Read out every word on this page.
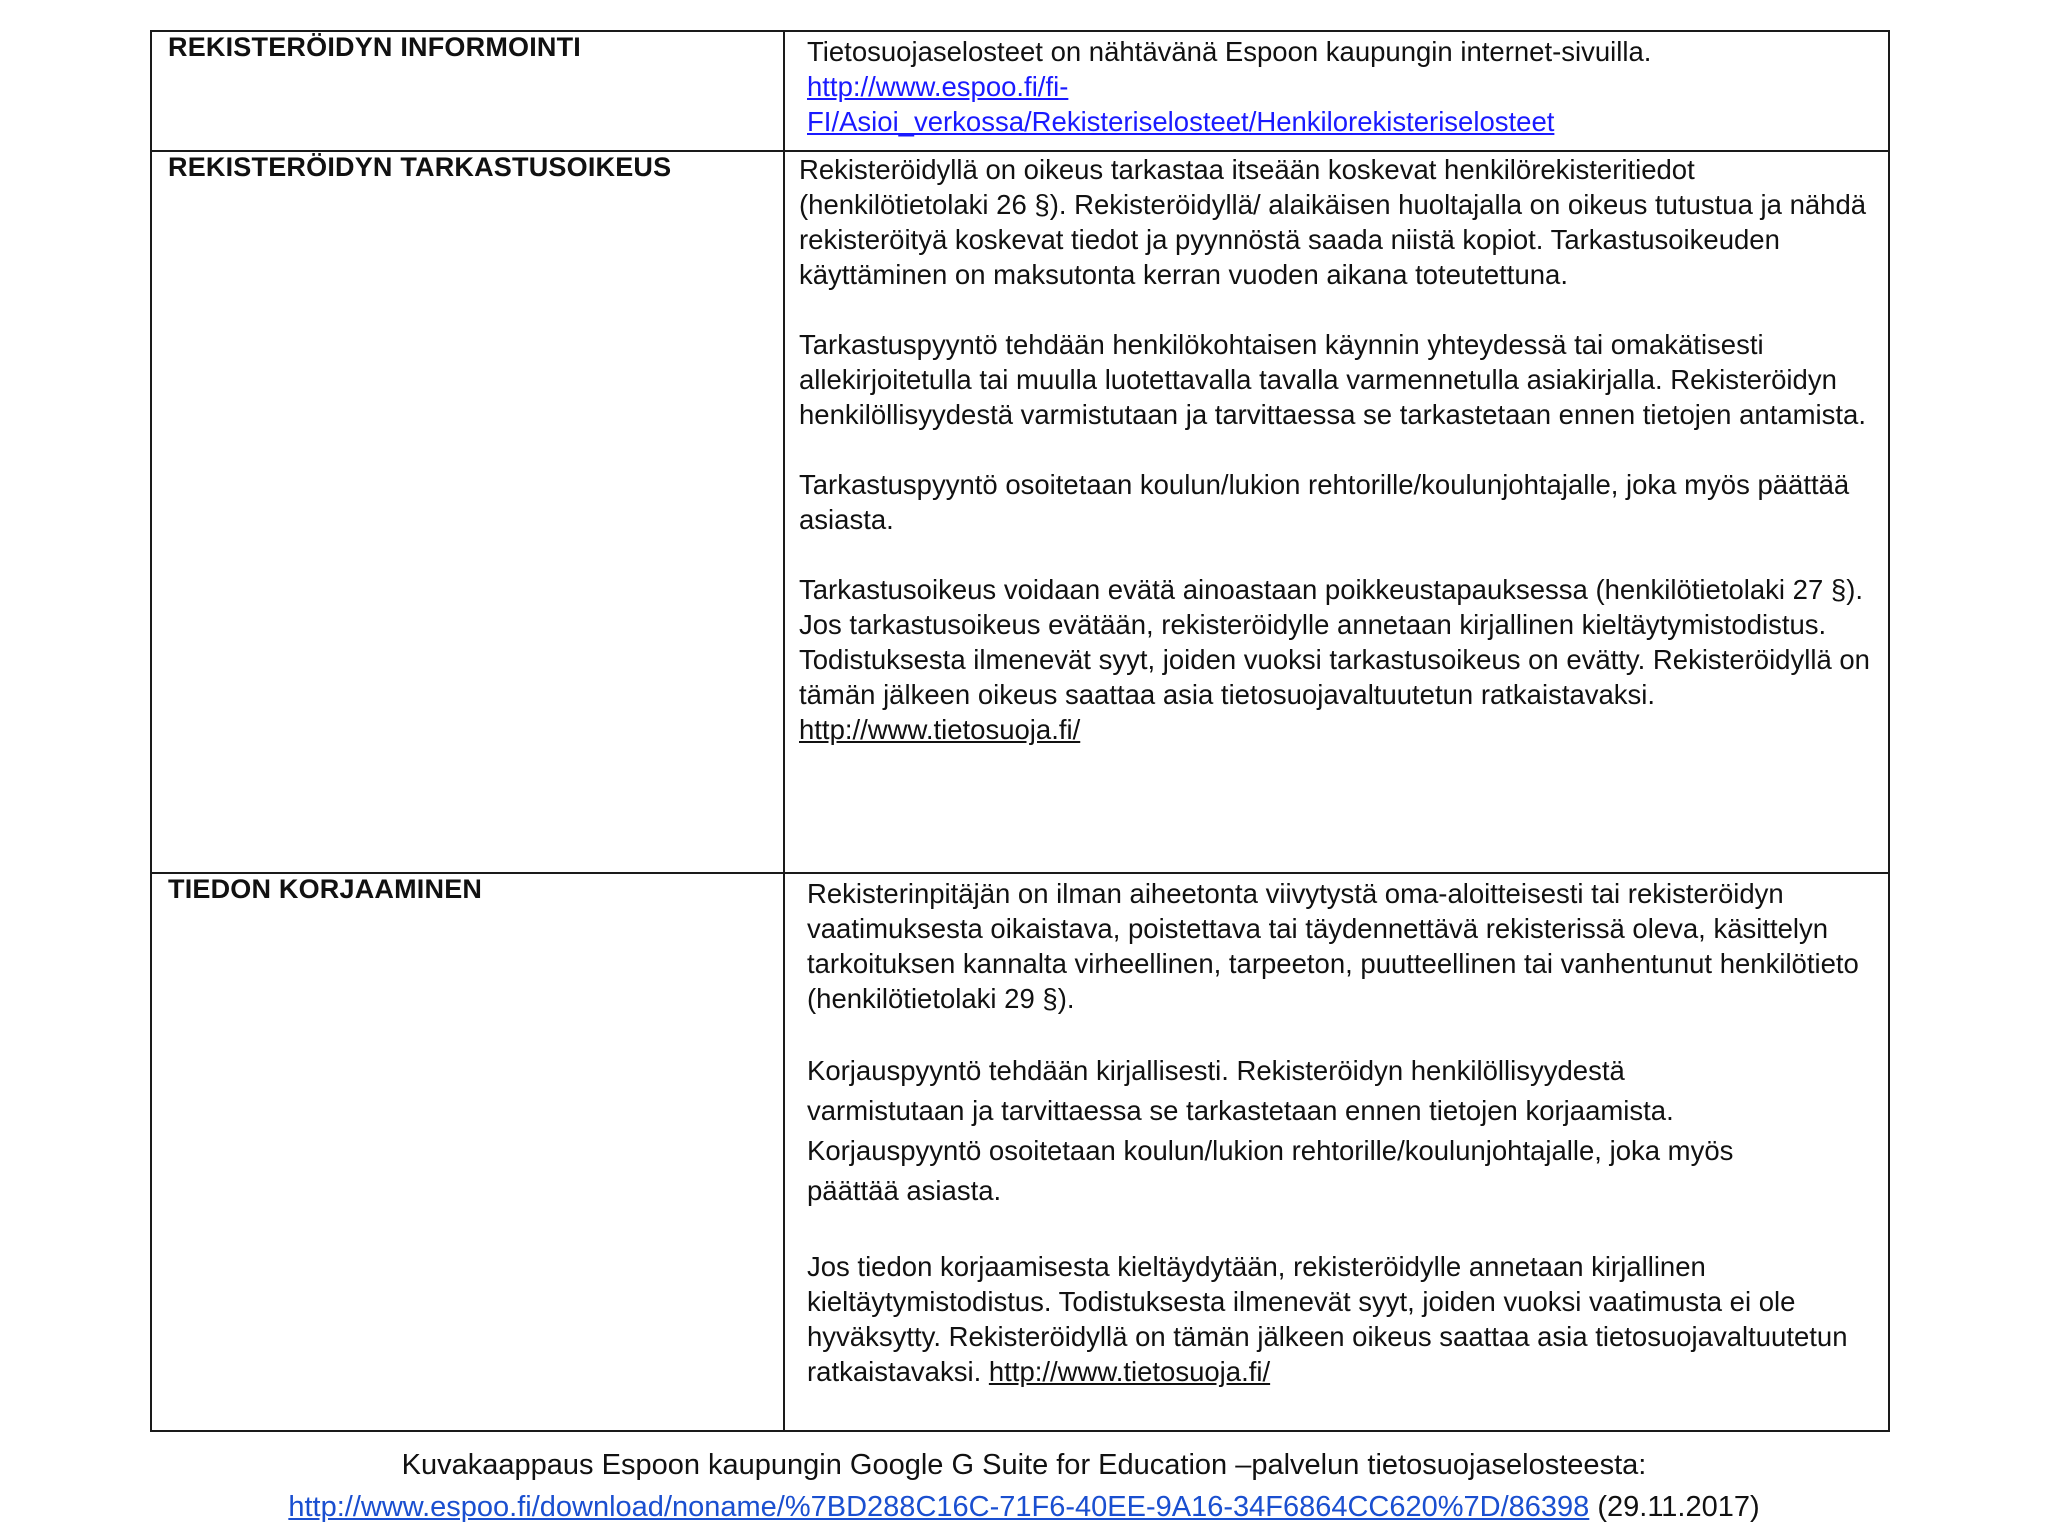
REKISTERÖIDYN INFORMOINTI	Tietosuojaselosteet on nähtävänä Espoon kaupungin internet-sivuilla.

http://www.espoo.fi/fi-
FI/Asioi_verkossa/Rekisteriselosteet/Henkilorekisteriselosteet
REKISTERÖIDYN TARKASTUSOIKEUS	Rekisteröidyllä on oikeus tarkastaa itseään koskevat henkilörekisteritiedot (henkilötietolaki 26 §). Rekisteröidyllä/ alaikäisen huoltajalla on oikeus tutustua ja nähdä rekisteröityä koskevat tiedot ja pyynnöstä saada niistä kopiot. Tarkastusoikeuden käyttäminen on maksutonta kerran vuoden aikana toteutettuna.

Tarkastuspyyntö tehdään henkilökohtaisen käynnin yhteydessä tai omakätisesti allekirjoitetulla tai muulla luotettavalla tavalla varmennetulla asiakirjalla. Rekisteröidyn henkilöllisyydestä varmistutaan ja tarvittaessa se tarkastetaan ennen tietojen antamista.

Tarkastuspyyntö osoitetaan koulun/lukion rehtorille/koulunjohtajalle, joka myös päättää asiasta.

Tarkastusoikeus voidaan evätä ainoastaan poikkeustapauksessa (henkilötietolaki 27 §). Jos tarkastusoikeus evätään, rekisteröidylle annetaan kirjallinen kieltäytymistodistus. Todistuksesta ilmenevät syyt, joiden vuoksi tarkastusoikeus on evätty. Rekisteröidyllä on tämän jälkeen oikeus saattaa asia tietosuojavaltuutetun ratkaistavaksi. http://www.tietosuoja.fi/

TIEDON KORJAAMINEN	Rekisterinpitäjän on ilman aiheetonta viivytystä oma-aloitteisesti tai rekisteröidyn vaatimuksesta oikaistava, poistettava tai täydennettävä rekisterissä oleva, käsittelyn tarkoituksen kannalta virheellinen, tarpeeton, puutteellinen tai vanhentunut henkilötieto (henkilötietolaki 29 §).

Korjauspyyntö tehdään kirjallisesti. Rekisteröidyn henkilöllisyydestä
varmistutaan ja tarvittaessa se tarkastetaan ennen tietojen korjaamista.
Korjauspyyntö osoitetaan koulun/lukion rehtorille/koulunjohtajalle, joka myös
päättää asiasta.

Jos tiedon korjaamisesta kieltäydytään, rekisteröidylle annetaan kirjallinen kieltäytymistodistus. Todistuksesta ilmenevät syyt, joiden vuoksi vaatimusta ei ole hyväksytty. Rekisteröidyllä on tämän jälkeen oikeus saattaa asia tietosuojavaltuutetun ratkaistavaksi. http://www.tietosuoja.fi/

Kuvakaappaus Espoon kaupungin Google G Suite for Education –palvelun tietosuojaselosteesta:
http://www.espoo.fi/download/noname/%7BD288C16C-71F6-40EE-9A16-34F6864CC620%7D/86398 (29.11.2017)
